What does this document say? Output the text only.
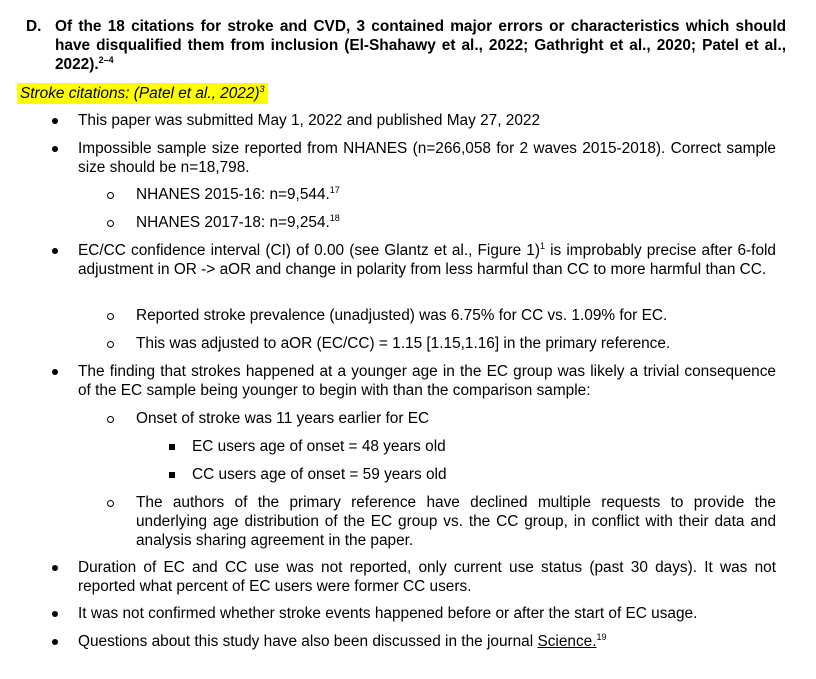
D. Of the 18 citations for stroke and CVD, 3 contained major errors or characteristics which should have disqualified them from inclusion (El-Shahawy et al., 2022; Gathright et al., 2020; Patel et al., 2022).$^{2-4}$
Stroke citations: (Patel et al., 2022)$^3$
This paper was submitted May 1, 2022 and published May 27, 2022
Impossible sample size reported from NHANES (n=266,058 for 2 waves 2015-2018). Correct sample size should be n=18,798.
NHANES 2015-16: n=9,544.17
NHANES 2017-18: n=9,254.18
EC/CC confidence interval (CI) of 0.00 (see Glantz et al., Figure 1)$^1$ is improbably precise after 6-fold adjustment in OR -> aOR and change in polarity from less harmful than CC to more harmful than CC.
Reported stroke prevalence (unadjusted) was 6.75% for CC vs. 1.09% for EC.
This was adjusted to aOR (EC/CC) = 1.15 [1.15,1.16] in the primary reference.
The finding that strokes happened at a younger age in the EC group was likely a trivial consequence of the EC sample being younger to begin with than the comparison sample:
Onset of stroke was 11 years earlier for EC
EC users age of onset = 48 years old
CC users age of onset = 59 years old
The authors of the primary reference have declined multiple requests to provide the underlying age distribution of the EC group vs. the CC group, in conflict with their data and analysis sharing agreement in the paper.
Duration of EC and CC use was not reported, only current use status (past 30 days). It was not reported what percent of EC users were former CC users.
It was not confirmed whether stroke events happened before or after the start of EC usage.
Questions about this study have also been discussed in the journal Science.$^{19}$
